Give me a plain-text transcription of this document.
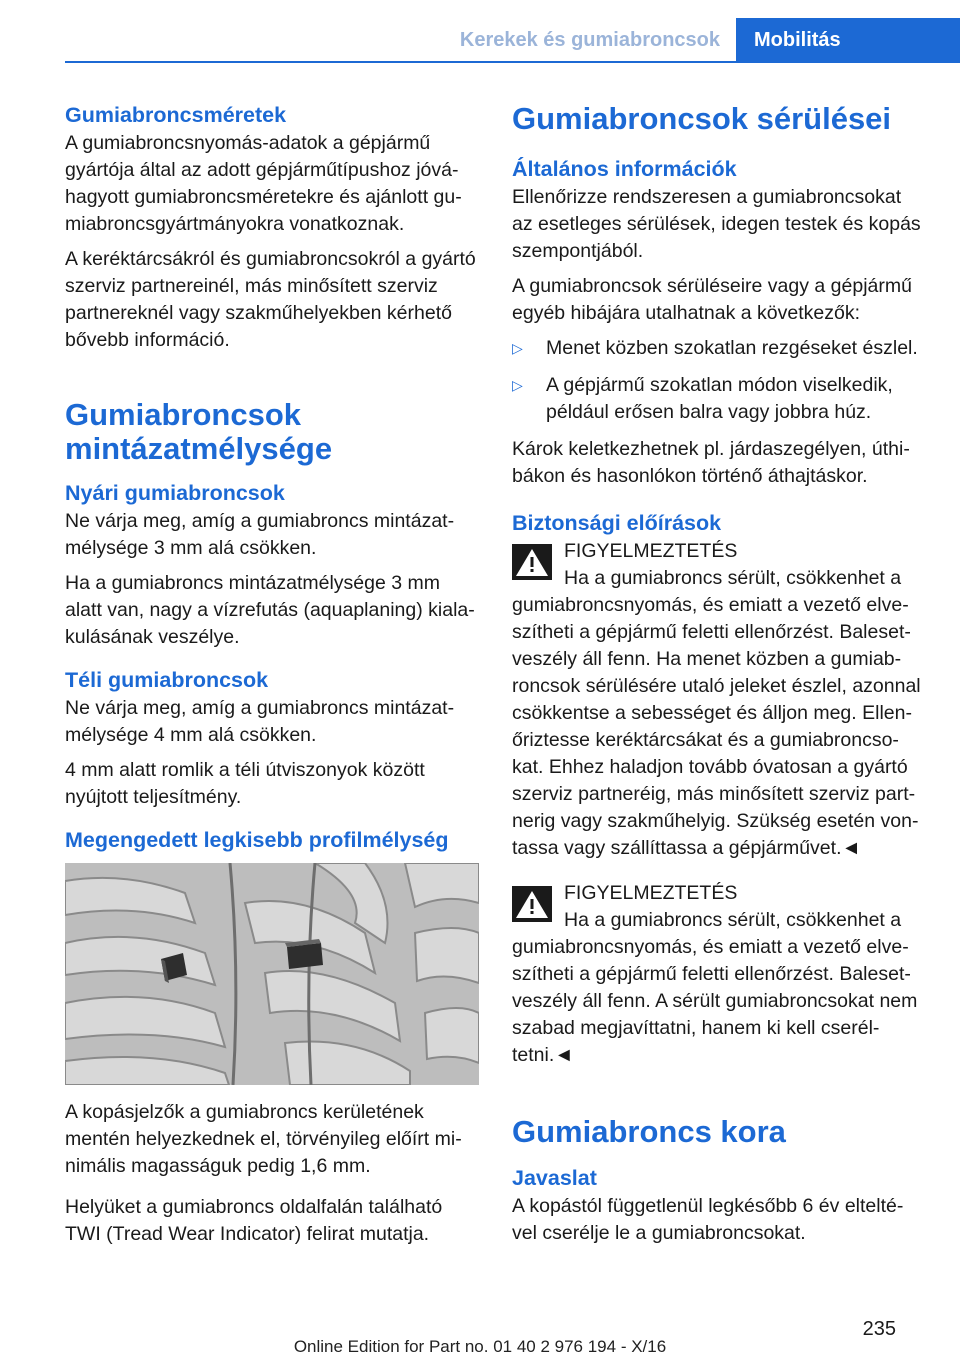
Kerekek és gumiabroncsok	Mobilitás
Gumiabroncsméretek

A gumiabroncsnyomás-adatok a gépjármű gyártója által az adott gépjárműtípushoz jóvá-hagyott gumiabroncsméretekre és ajánlott gu-miabroncsgyártmányokra vonatkoznak.

A keréktárcsákról és gumiabroncsokról a gyártó szerviz partnereinél, más minősített szerviz partnereknél vagy szakműhelyekben kérhető bővebb információ.

Gumiabroncsok mintázatmélysége
Nyári gumiabroncsok

Ne várja meg, amíg a gumiabroncs mintázat-mélysége 3 mm alá csökken.

Ha a gumiabroncs mintázatmélysége 3 mm alatt van, nagy a vízrefutás (aquaplaning) kiala-kulásának veszélye.

Téli gumiabroncsok

Ne várja meg, amíg a gumiabroncs mintázat-mélysége 4 mm alá csökken.

4 mm alatt romlik a téli útviszonyok között nyújtott teljesítmény.

Megengedett legkisebb profilmélység

A kopásjelzők a gumiabroncs kerületének mentén helyezkednek el, törvényileg előírt mi-nimális magasságuk pedig 1,6 mm.

Helyüket a gumiabroncs oldalfalán található TWI (Tread Wear Indicator) felirat mutatja.

Gumiabroncsok sérülései
Általános információk

Ellenőrizze rendszeresen a gumiabroncsokat az esetleges sérülések, idegen testek és kopás szempontjából.

A gumiabroncsok sérüléseire vagy a gépjármű egyéb hibájára utalhatnak a következők:

▷ Menet közben szokatlan rezgéseket észlel.
▷ A gépjármű szokatlan módon viselkedik, például erősen balra vagy jobbra húz.

Károk keletkezhetnek pl. járdaszegélyen, úthi-bákon és hasonlókon történő áthajtáskor.

Biztonsági előírások

FIGYELMEZTETÉS

Ha a gumiabroncs sérült, csökkenhet a gumiabroncsnyomás, és emiatt a vezető elve-szítheti a gépjármű feletti ellenőrzést. Baleset-veszély áll fenn. Ha menet közben a gumiab-roncsok sérülésére utaló jeleket észlel, azonnal csökkentse a sebességet és álljon meg. Ellen-őriztesse keréktárcsákat és a gumiabroncso-kat. Ehhez haladjon tovább óvatosan a gyártó szerviz partneréig, más minősített szerviz part-nerig vagy szakműhelyig. Szükség esetén von-tassa vagy szállíttassa a gépjárművet.◄

FIGYELMEZTETÉS

Ha a gumiabroncs sérült, csökkenhet a gumiabroncsnyomás, és emiatt a vezető elve-szítheti a gépjármű feletti ellenőrzést. Baleset-veszély áll fenn. A sérült gumiabroncsokat nem szabad megjavíttatni, hanem ki kell cserél-tetni.◄

Gumiabroncs kora
Javaslat

A kopástól függetlenül legkésőbb 6 év eltelté-vel cserélje le a gumiabroncsokat.

235
Online Edition for Part no. 01 40 2 976 194 - X/16
